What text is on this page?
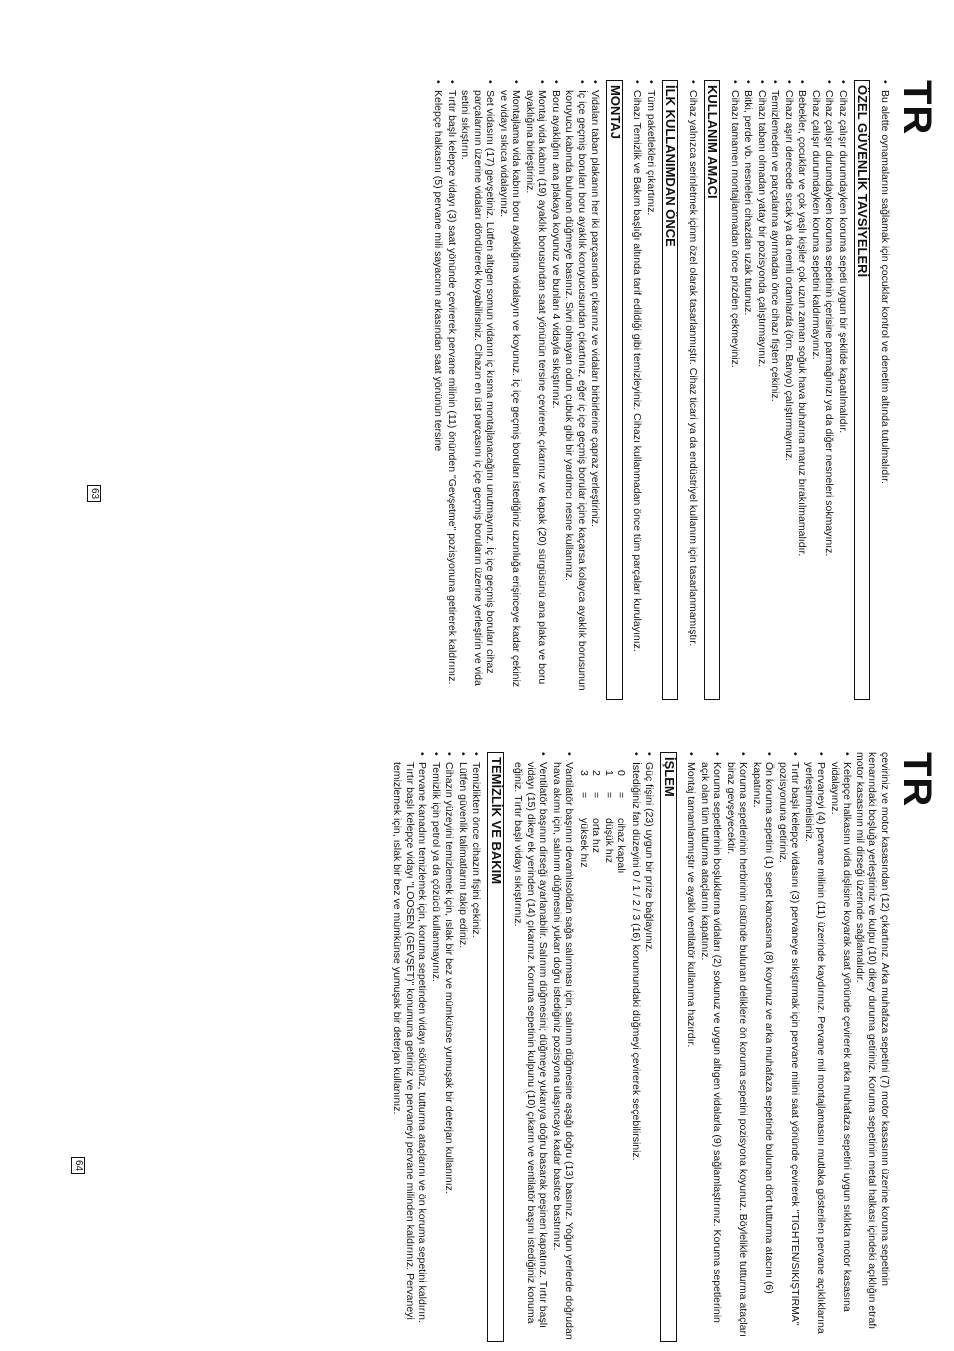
TR
• Bu alette oynamalarını sağlamak için çocuklar kontrol ve denetim altında tutulmalıdır.
ÖZEL GÜVENLİK TAVSİYELERİ
• Cihaz çalışır durumdayken koruma sepeti uygun bir şekilde kapatılmalıdır.
• Cihaz çalışır durumdayken koruma sepetinin içerisine parmağınızı ya da diğer nesneleri sokmayınız.
Cihaz çalışır durumdayken koruma sepetini kaldırmayınız.
• Bebekler, çocuklar ve çok yaşlı kişiler çok uzun zaman soğuk hava buharına maruz bırakılmamalıdır.
• Cihazı aşırı derecede sıcak ya da nemli ortamlarda (örn. Banyo) çalıştırmayınız.
• Temizlemeden ve parçalarına ayırmadan önce cihazı fişten çekiniz.
• Cihazı tabanı olmadan yatay bir pozisyonda çalıştırmayınız.
• Bitki, perde vb. nesneleri cihazdan uzak tutunuz.
• Cihazı tamamen montajlanmadan önce prizden çekmeyiniz.
KULLANIM AMACI
• Cihaz yalnızca serinletmek içinm özel olarak tasarlanmıştır. Cihaz ticari ya da endüstriyel kullanım için tasarlanmamıştır.
İLK KULLANIMDAN ÖNCE
• Tüm paketlekleri çıkartınız.
• Cihazı Temizlik ve Bakım başlığı altında tarif edildiği gibi temizleyiniz. Cihazı kullanmadan önce tüm parçaları kurulayınız.
MONTAJ
• Vidaları taban plakanın her iki parçasından çıkarınız ve vidaları birbirlerine çapraz yerleştiriniz.
• İç içe geçmiş boruları boru ayaklık koruyucusundan çıkartınız, eğer iç içe geçmiş borular içine kaçarsa kolayca ayaklık borusunun koruyucu kabında bulunan düğmeye basınız. Sivri olmayan odun çubuk gibi bir yardımcı nesne kullanınız.
• Boru ayaklığını ana plakaya koyunuz ve bunları 4 vidayla sıkıştırınız.
• Montaj vida kabını (19) ayaklık borusundan saat yönünün tersine çevirerek çıkarınız ve kapak (20) sürgüsünü ana plaka ve boru ayaklığına birleştiriniz.
• Montajlama vida kabını boru ayaklığına vidalayın ve koyunuz. İç içe geçmiş boruları istediğiniz uzunluğa erişinceye kadar çekiniz ve vidayı sıkıca vidalayınız.
• Set vidasını (17) gevşetiniz. Lütfen altıgen somun vidanın iç kısma montajlanacağını unutmayınız. İç içe geçmiş boruları cihaz parçalarının üzerine vidaları döndürerek koyabilirsiniz. Cihazın en üst parçasını iç içe geçmiş boruların üzerine yerleştirin ve vida setini sıkıştırın.
• Tırtır başlı kelepçe vidayı (3) saat yönünde çevirerek pervane milinin (11) önünden "Gevşetme" pozisyonuna getirerek kaldırınız.
• Kelepçe halkasını (5) pervane mili sayacının arkasından saat yönünün tersine
63
TR
çeviriniz ve motor kasasından (12) çıkartınız. Arka muhafaza sepetini (7) motor kasasının üzerine koruma sepetinin kenarındaki boşluğa yerleştiriniz ve kulpu (10) dikey duruma getiriniz. Koruma sepetinin metal halkası içindeki açıklığın etrafı motor kasasının mil dirseği üzerinde sağlamalıdır.
• Kelepçe halkasını vida dişlisine koyarak saat yönünde çevirerek arka muhafaza sepetini uygun sıklıkta motor kasasına vidalayınız.
• Pervaneyi (4) pervane milinin (11) üzerinde kaydırınız. Pervane mil montajlamasını mutlaka gösterilen pervane açıklıklarına yerleştirmelisiniz.
• Tırtır başlı kelepçe vidasını (3) pervaneye sıkıştırmak için pervane milini saat yönünde çevirerek "TIGHTEN/SIKIŞTIRMA" pozisyonuna getiriniz.
• Ön koruma sepetini (1) sepet kancasına (8) koyunuz ve arka muhafaza sepetinde bulunan dört tutturma atacını (6) kapatınız.
• Koruma sepetlerinin herbirinin üstünde bulunan deliklere ön koruma sepetini pozisyona koyunuz. Böylelikle tutturma ataçları biraz gevşeyecektir.
• Koruma sepetlerinin boşluklarına vidaları (2) sokunuz ve uygun altıgen vidalarla (9) sağlamlaştırınız. Koruma sepetlerinin açık olan tüm tutturma ataçlarını kapatınız.
• Montaj tamamlanmıştır ve ayaklı ventilatör kullanıma hazırdır.
İŞLEM
• Güç fişini (23) uygun bir prize bağlayınız.
• İstediğiniz fan düzeyini 0 / 1 / 2 / 3 (16) konumundaki düğmeyi çevirerek seçebilirsiniz.
0
=
cihaz kapalı
1
=
düşük hız
2
=
orta hız
3
=
yüksek hız
• Vantilatör başının devamlısoldan sağa salınması için, salınım düğmesine aşağı doğru (13) basınız. Yoğun yerlerde doğrudan hava akımı için, salınım düğmesini yukarı doğru istediğiniz pozisyona ulaşıncaya kadar basitce bastırınız.
• Ventilatör başının dirseği ayarlanabilir. Salınım düğmesini; düğmeye yukarıya doğru basarak peşinen kapatınız. Tırtır başlı vidayı (15) dikey ek yerinden (14) çıkarınız. Koruma sepetinin kulpunu (10) çıkarın ve ventilatör başını istediğiniz konuma eğiniz. Tırtır başlı vidayı sıkıştırınız.
TEMİZLİK VE BAKIM
• Temizlikten önce cihazın fişini çekiniz.
• Lütfen güvenlik talimatlarını takip ediniz.
• Cihazın yüzeyini temizlemek için, ıslak bir bez ve mümkünse yumuşak bir deterjan kullanınız.
• Temizlik için petrol ya da çözücü kullanmayınız.
• Pervane kanadını temizlemek için, koruma sepetinden vidayı sökünüz, tutturma ataçlarını ve ön koruma sepetini kaldırın. Tırtır başlı kelepçe vidayı "LOOSEN (GEVŞET)" konumuna getiriniz ve pervaneyi pervane milinden kaldırınız. Pervaneyi temizlemek için, ıslak bir bez ve mümkünse yumuşak bir deterjan kullanınız.
64
